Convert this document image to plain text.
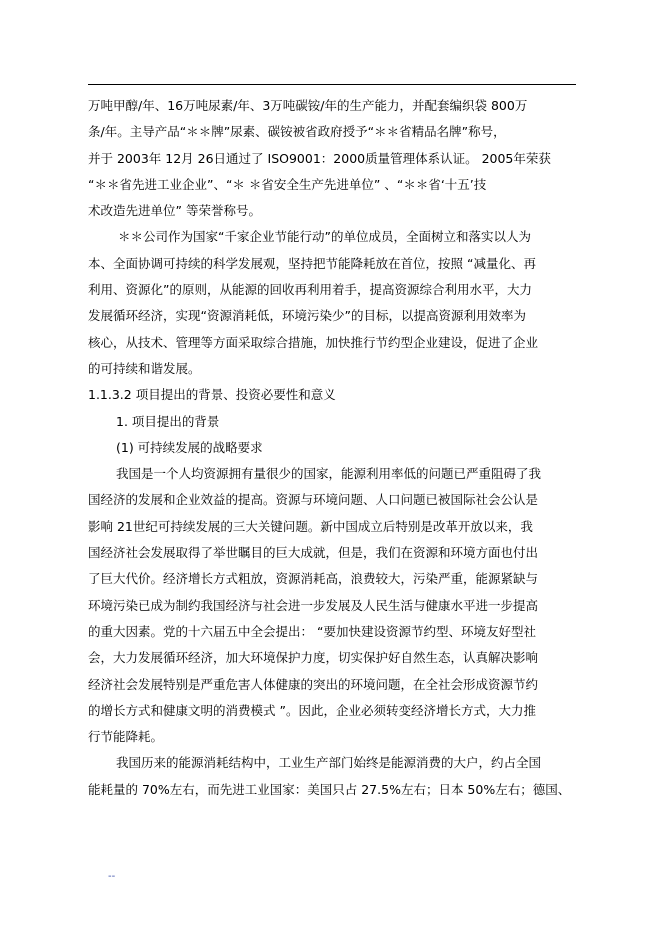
万吨甲醇/年、16万吨尿素/年、3万吨碳铵/年的生产能力，并配套编织袋 800万
条/年。主导产品“＊＊牌”尿素、碳铵被省政府授予“＊＊省精品名牌”称号，
并于 2003年 12月 26日通过了 ISO9001：2000质量管理体系认证。 2005年荣获
“＊＊省先进工业企业”、“＊ ＊省安全生产先进单位” 、“＊＊省‘十五’技
术改造先进单位” 等荣誉称号。
＊＊公司作为国家“千家企业节能行动”的单位成员，全面树立和落实以人为
本、全面协调可持续的科学发展观，坚持把节能降耗放在首位，按照 “减量化、再
利用、资源化”的原则，从能源的回收再利用着手，提高资源综合利用水平，大力
发展循环经济，实现“资源消耗低，环境污染少”的目标，以提高资源利用效率为
核心，从技术、管理等方面采取综合措施，加快推行节约型企业建设，促进了企业
的可持续和谐发展。
1.1.3.2 项目提出的背景、投资必要性和意义
1. 项目提出的背景
(1) 可持续发展的战略要求
我国是一个人均资源拥有量很少的国家，能源利用率低的问题已严重阻碍了我
国经济的发展和企业效益的提高。资源与环境问题、人口问题已被国际社会公认是
影响 21世纪可持续发展的三大关键问题。新中国成立后特别是改革开放以来，我
国经济社会发展取得了举世瞩目的巨大成就，但是，我们在资源和环境方面也付出
了巨大代价。经济增长方式粗放，资源消耗高，浪费较大，污染严重，能源紧缺与
环境污染已成为制约我国经济与社会进一步发展及人民生活与健康水平进一步提高
的重大因素。党的十六届五中全会提出： “要加快建设资源节约型、环境友好型社
会，大力发展循环经济，加大环境保护力度，切实保护好自然生态，认真解决影响
经济社会发展特别是严重危害人体健康的突出的环境问题，在全社会形成资源节约
的增长方式和健康文明的消费模式 ”。因此，企业必须转变经济增长方式，大力推
行节能降耗。
我国历来的能源消耗结构中，工业生产部门始终是能源消费的大户，约占全国
能耗量的 70%左右，而先进工业国家：美国只占 27.5%左右；日本 50%左右；德国、
--
